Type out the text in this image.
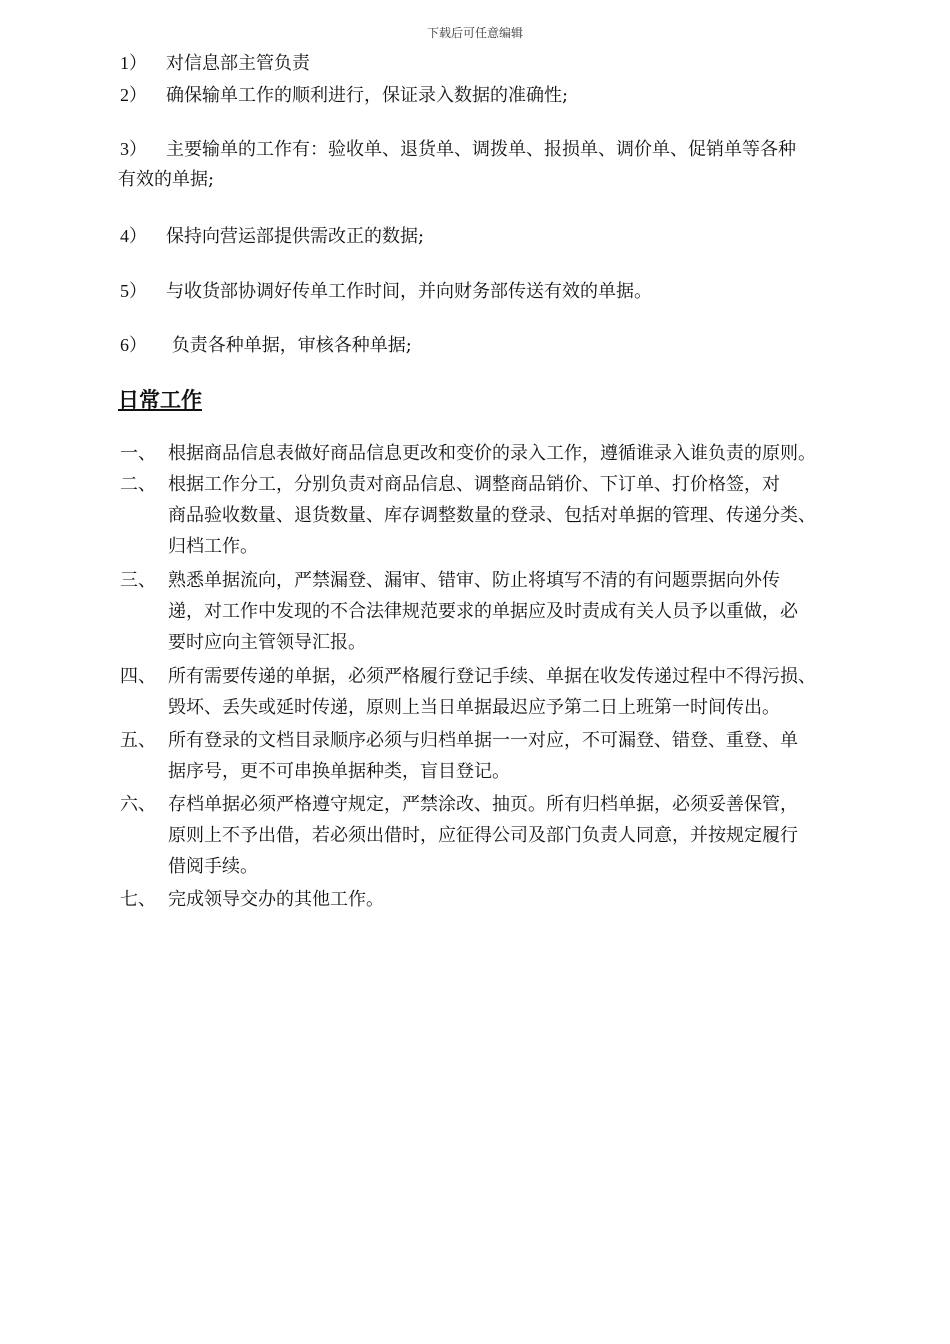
下载后可任意编辑
1） 对信息部主管负责
2） 确保输单工作的顺利进行，保证录入数据的准确性;
3） 主要输单的工作有：验收单、退货单、调拨单、报损单、调价单、促销单等各种
有效的单据;
4） 保持向营运部提供需改正的数据;
5） 与收货部协调好传单工作时间，并向财务部传送有效的单据。
6） 负责各种单据，审核各种单据;
日常工作
一、 根据商品信息表做好商品信息更改和变价的录入工作，遵循谁录入谁负责的原则。
二、 根据工作分工，分别负责对商品信息、调整商品销价、下订单、打价格签，对
商品验收数量、退货数量、库存调整数量的登录、包括对单据的管理、传递分类、
归档工作。
三、 熟悉单据流向，严禁漏登、漏审、错审、防止将填写不清的有问题票据向外传
递，对工作中发现的不合法律规范要求的单据应及时责成有关人员予以重做，必
要时应向主管领导汇报。
四、 所有需要传递的单据，必须严格履行登记手续、单据在收发传递过程中不得污损、
毁坏、丢失或延时传递，原则上当日单据最迟应予第二日上班第一时间传出。
五、 所有登录的文档目录顺序必须与归档单据一一对应，不可漏登、错登、重登、单
据序号，更不可串换单据种类，盲目登记。
六、 存档单据必须严格遵守规定，严禁涂改、抽页。所有归档单据，必须妥善保管，
原则上不予出借，若必须出借时，应征得公司及部门负责人同意，并按规定履行
借阅手续。
七、 完成领导交办的其他工作。
